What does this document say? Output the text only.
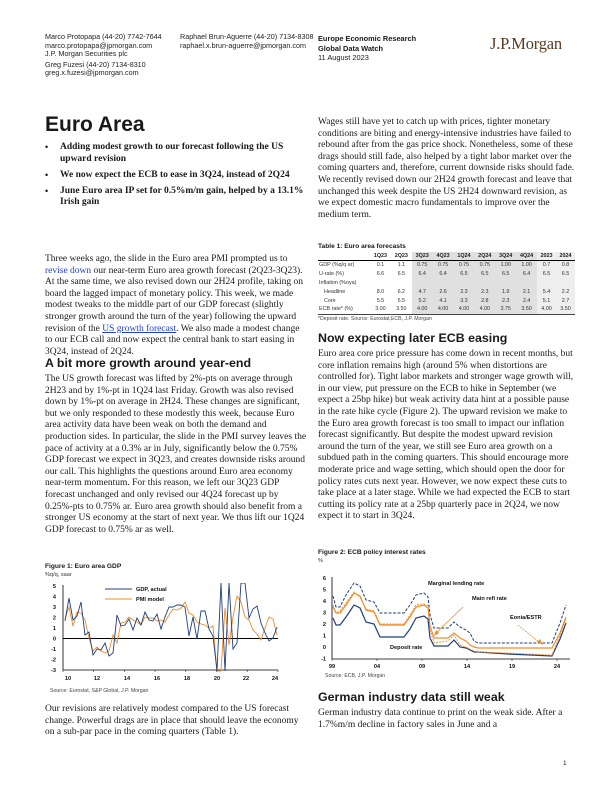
Marco Protopapa (44-20) 7742-7644
marco.protopapa@jpmorgan.com
J.P. Morgan Securities plc
Greg Fuzesi (44-20) 7134-8310
greg.x.fuzesi@jpmorgan.com
Raphael Brun-Aguerre (44-20) 7134-8308
raphael.x.brun-aguerre@jpmorgan.com
Europe Economic Research
Global Data Watch
11 August 2023
J.P.Morgan
Euro Area
• Adding modest growth to our forecast following the US upward revision
• We now expect the ECB to ease in 3Q24, instead of 2Q24
• June Euro area IP set for 0.5%m/m gain, helped by a 13.1% Irish gain

Three weeks ago, the slide in the Euro area PMI prompted us to revise down our near-term Euro area growth forecast (2Q23-3Q23). At the same time, we also revised down our 2H24 profile, taking on board the lagged impact of monetary policy. This week, we made modest tweaks to the middle part of our GDP forecast (slightly stronger growth around the turn of the year) following the upward revision of the US growth forecast. We also made a modest change to our ECB call and now expect the central bank to start easing in 3Q24, instead of 2Q24.

A bit more growth around year-end

The US growth forecast was lifted by 2%-pts on average through 2H23 and by 1%-pt in 1Q24 last Friday. Growth was also revised down by 1%-pt on average in 2H24. These changes are significant, but we only responded to these modestly this week, because Euro area activity data have been weak on both the demand and production sides. In particular, the slide in the PMI survey leaves the pace of activity at a 0.3% ar in July, significantly below the 0.75% GDP forecast we expect in 3Q23, and creates downside risks around our call. This highlights the questions around Euro area economy near-term momentum. For this reason, we left our 3Q23 GDP forecast unchanged and only revised our 4Q24 forecast up by 0.25%-pts to 0.75% ar. Euro area growth should also benefit from a stronger US economy at the start of next year. We thus lift our 1Q24 GDP forecast to 0.75% ar as well.

Figure 1: Euro area GDP
%q/q, saar
5
4
3
2
1
0
-1
-2
-3
10	12	14	16	18	20	22	24
GDP, actual
PMI model
Source: Eurostat, S&P Global, J.P. Morgan

Our revisions are relatively modest compared to the US forecast change. Powerful drags are in place that should leave the economy on a sub-par pace in the coming quarters (Table 1).

Wages still have yet to catch up with prices, tighter monetary conditions are biting and energy-intensive industries have failed to rebound after from the gas price shock. Nonetheless, some of these drags should still fade, also helped by a tight labor market over the coming quarters and, therefore, current downside risks should fade. We recently revised down our 2H24 growth forecast and leave that unchanged this week despite the US 2H24 downward revision, as we expect domestic macro fundamentals to improve over the medium term.

Table 1: Euro area forecasts
	1Q23	2Q23	3Q23	4Q23	1Q24	2Q24	3Q24	4Q24	2023	2024
GDP (%q/q ar)	0.1	1.1	0.75	0.75	0.75	0.75	1.00	1.00	0.7	0.8
U-rate (%)	6.6	6.5	6.4	6.4	6.5	6.5	6.5	6.4	6.5	6.5
Inflation (%oya)										
Headline	8.0	6.2	4.7	2.6	2.3	2.3	1.9	2.1	5.4	2.2
Core	5.5	5.5	5.2	4.1	3.3	2.8	2.3	2.4	5.1	2.7
ECB rate* (%)	3.00	3.50	4.00	4.00	4.00	4.00	3.75	3.50	4.00	3.50
*Deposit rate. Source: Eurostat,ECB, J.P. Morgan
Now expecting later ECB easing

Euro area core price pressure has come down in recent months, but core inflation remains high (around 5% when distortions are controlled for). Tight labor markets and stronger wage growth will, in our view, put pressure on the ECB to hike in September (we expect a 25bp hike) but weak activity data hint at a possible pause in the rate hike cycle (Figure 2). The upward revision we make to the Euro area growth forecast is too small to impact our inflation forecast significantly. But despite the modest upward revision around the turn of the year, we still see Euro area growth on a subdued path in the coming quarters. This should encourage more moderate price and wage setting, which should open the door for policy rates cuts next year. However, we now expect these cuts to take place at a later stage. While we had expected the ECB to start cutting its policy rate at a 25bp quarterly pace in 2Q24, we now expect it to start in 3Q24.

Figure 2: ECB policy interest rates
%
6
5
4
3
2
1
0
-1
99	04	09	14	19	24
Marginal lending rate
Main refi rate
Eonia/ESTR
Deposit rate
Source: ECB, J.P. Morgan
German industry data still weak

German industry data continue to print on the weak side. After a 1.7%m/m decline in factory sales in June and a

1
